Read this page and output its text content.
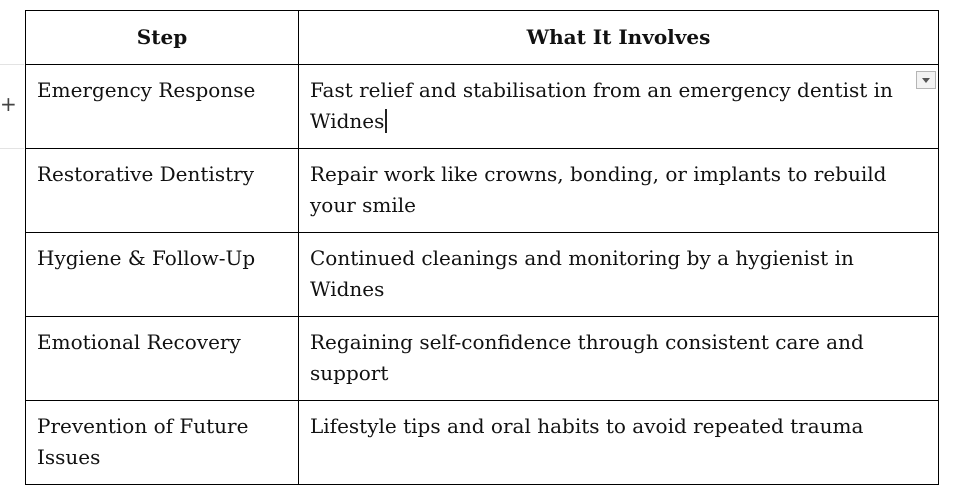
+
Step	What It Involves
Emergency Response	Fast relief and stabilisation from an emergency dentist in Widnes

Restorative Dentistry	Repair work like crowns, bonding, or implants to rebuild your smile
Hygiene & Follow-Up	Continued cleanings and monitoring by a hygienist in Widnes
Emotional Recovery	Regaining self-confidence through consistent care and support
Prevention of Future Issues	Lifestyle tips and oral habits to avoid repeated trauma
